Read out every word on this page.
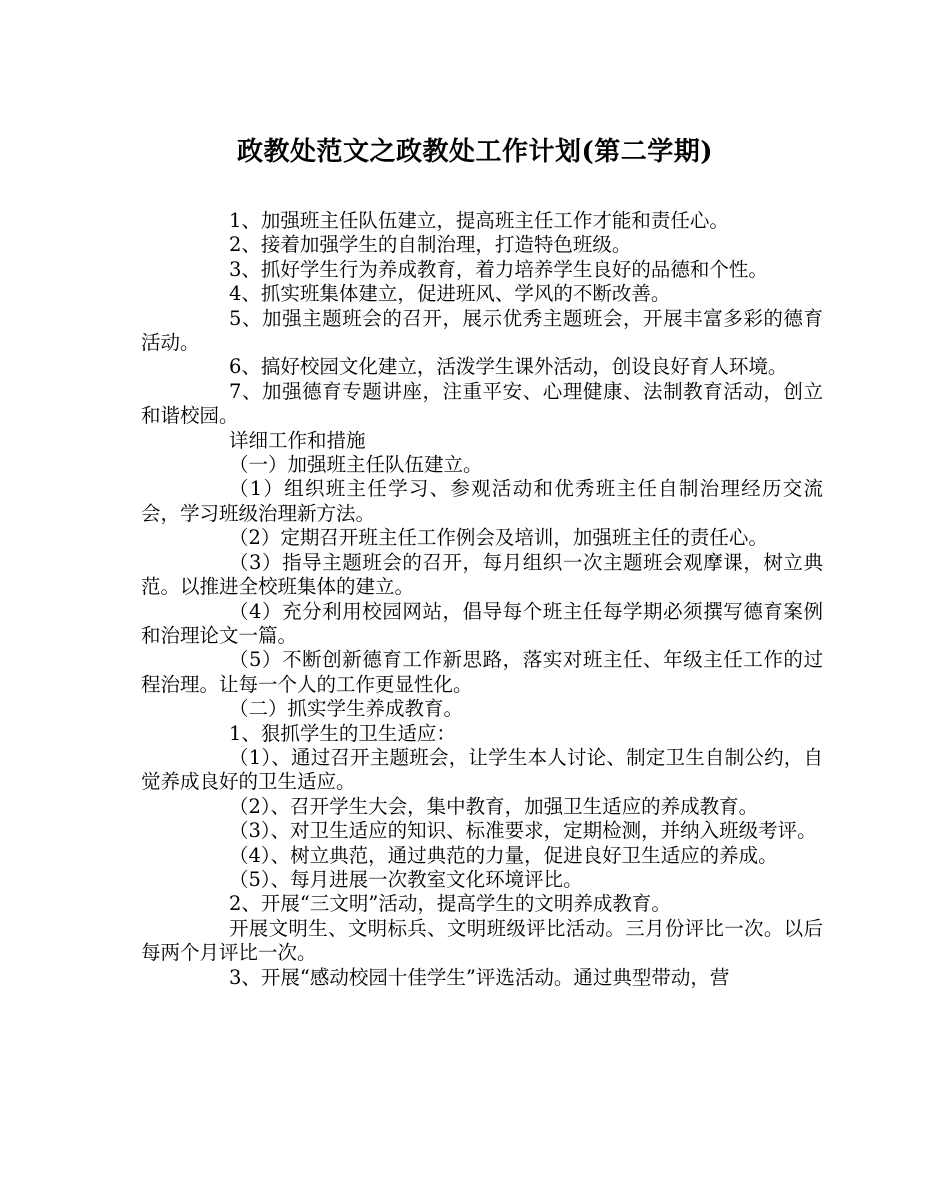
政教处范文之政教处工作计划(第二学期)

1、加强班主任队伍建立，提高班主任工作才能和责任心。

2、接着加强学生的自制治理，打造特色班级。

3、抓好学生行为养成教育，着力培养学生良好的品德和个性。

4、抓实班集体建立，促进班风、学风的不断改善。

5、加强主题班会的召开，展示优秀主题班会，开展丰富多彩的德育活动。

6、搞好校园文化建立，活泼学生课外活动，创设良好育人环境。

7、加强德育专题讲座，注重平安、心理健康、法制教育活动，创立和谐校园。

详细工作和措施

（一）加强班主任队伍建立。

（1）组织班主任学习、参观活动和优秀班主任自制治理经历交流会，学习班级治理新方法。

（2）定期召开班主任工作例会及培训，加强班主任的责任心。

（3）指导主题班会的召开，每月组织一次主题班会观摩课，树立典范。以推进全校班集体的建立。

（4）充分利用校园网站，倡导每个班主任每学期必须撰写德育案例和治理论文一篇。

（5）不断创新德育工作新思路，落实对班主任、年级主任工作的过程治理。让每一个人的工作更显性化。

（二）抓实学生养成教育。

1、狠抓学生的卫生适应：

（1）、通过召开主题班会，让学生本人讨论、制定卫生自制公约，自觉养成良好的卫生适应。

（2）、召开学生大会，集中教育，加强卫生适应的养成教育。

（3）、对卫生适应的知识、标准要求，定期检测，并纳入班级考评。

（4）、树立典范，通过典范的力量，促进良好卫生适应的养成。

（5）、每月进展一次教室文化环境评比。

2、开展“三文明”活动，提高学生的文明养成教育。

开展文明生、文明标兵、文明班级评比活动。三月份评比一次。以后每两个月评比一次。

3、开展“感动校园十佳学生”评选活动。通过典型带动，营
